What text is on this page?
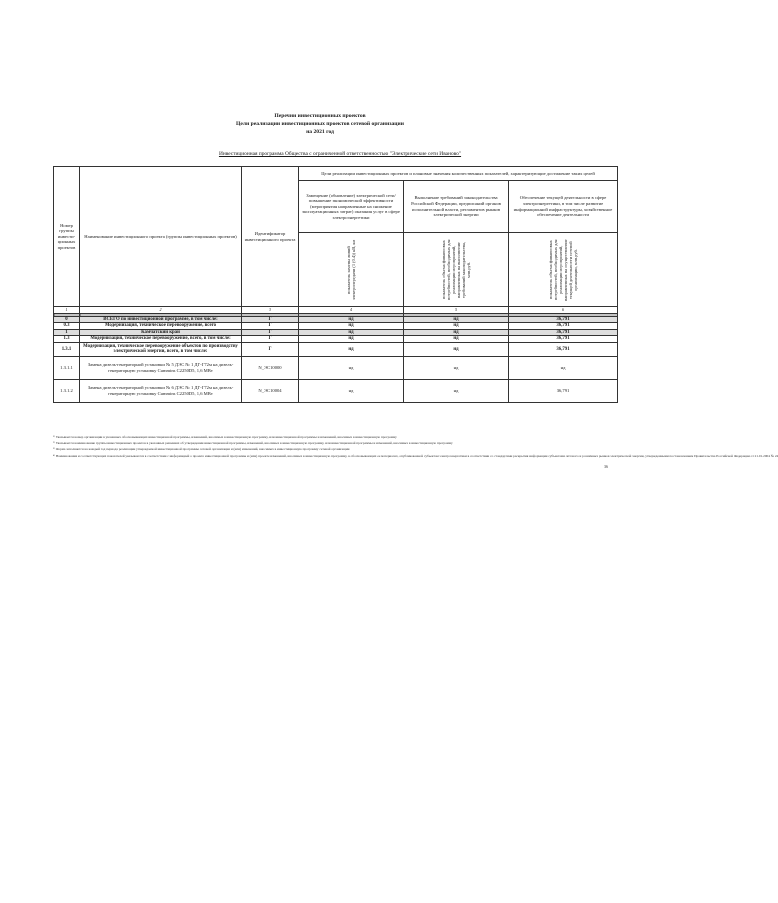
Перечни инвестиционных проектов
Цели реализации инвестиционных проектов сетевой организации
на 2021 год
Инвестиционная программа Общества с ограниченной ответственностью "Электрические сети Иваново"
Номер группы инвести- ционных проектов	Наименование инвестиционного проекта (группы инвестиционных проектов)	Идентификатор инвестиционного проекта	Цели реализации инвестиционных проектов и плановые значения количественных показателей, характеризующие достижение таких целей		
			Замещение (обновление) электрической сети/повышение экономической эффективности (мероприятия направленные на снижение эксплуатационных затрат) оказания услуг в сфере электроэнергетики	Выполнение требований законодательства Российской Федерации, предписаний органов исполнительной власти, регламентов рынков электрической энергии	Обеспечение текущей деятельности в сфере электроэнергетики, в том числе развитие информационной инфраструктуры, хозяйственное обеспечение деятельности

			показатель замены линий электропередачи (1 (0.4)) кВ, км	показатель объема финансовых потребностей, необходимых для реализации мероприятий, направленных на выполнение требований законодательства, млн.руб.	показатель объема финансовых потребностей, необходимых для реализации мероприятий, направленных на осуществление текущей деятельности сетевой организации, млн.руб.

1	2	3	4	5	6

0	ВСЕГО по инвестиционной программе, в том числе:	Г	нд	нд	36,791
0.3	Модернизация, техническое перевооружение, всего	Г	нд	нд	36,791
1	Камчатский край	Г	нд	нд	36,791
1.3	Модернизация, техническое перевооружение, всего, в том числе:	Г	нд	нд	36,791
1.3.1	Модернизация, техническое перевооружение объектов по производству электрической энергии, всего, в том числе:	Г	нд	нд	36,791
1.3.1.1	Замена дизель-генераторной установки № 5 ДЭС № 1 ДГ-Г72м на дизель-генераторную установку Cummins C2250D5, 1,6 МВт	N_ЭС10000	нд	нд	нд
1.3.1.2	Замена дизель-генераторной установки № 6 ДЭС № 1 ДГ-Г72м на дизель-генераторную установку Cummins C2250D5, 1,6 МВт	N_ЭС10004	нд	нд	36,791
¹⁾ Указывается номер организации в указанных обосновывающих инвестиционной программы, изменений, вносимых в инвестиционную программу, или инвестиционной программы и изменений, вносимых в инвестиционную программу
²⁾ Указывается наименование группы инвестиционных проектов в указанных решениях об утверждении инвестиционной программы, изменений, вносимых в инвестиционную программу, или инвестиционной программы и изменений, вносимых в инвестиционную программу
³⁾ Форма заполняется на каждый год периода реализации утверждаемой инвестиционной программы сетевой организации и (или) изменений, вносимых в инвестиционную программу сетевой организации
⁴⁾ Наименования и соответствующих показателей указываются в соответствии с информацией о проекте инвестиционной программы и (или) проекте изменений, вносимых в инвестиционную программу, в обосновывающих ее материалах, опубликованной субъектом электроэнергетики в соответствии со стандартами раскрытия информации субъектами оптового и розничных рынков электрической энергии, утвержденными постановлением Правительства Российской Федерации от 21.01.2004 № 24
36
